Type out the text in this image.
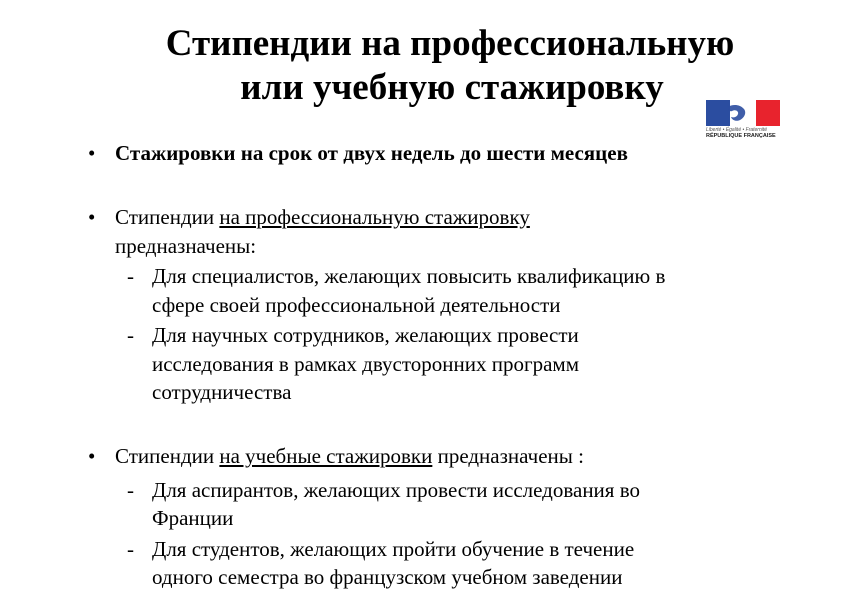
Стипендии на профессиональную
или учебную стажировку
Liberté • Égalité • Fraternité
RÉPUBLIQUE FRANÇAISE
• Стажировки на срок от двух недель до шести месяцев
• Стипендии на профессиональную стажировку
предназначены:
- Для специалистов, желающих повысить квалификацию в
сфере своей профессиональной деятельности
- Для научных сотрудников, желающих провести
исследования в рамках двусторонних программ
сотрудничества
• Стипендии на учебные стажировки предназначены :
- Для аспирантов, желающих провести исследования во
Франции
- Для студентов, желающих пройти обучение в течение
одного семестра во французском учебном заведении
